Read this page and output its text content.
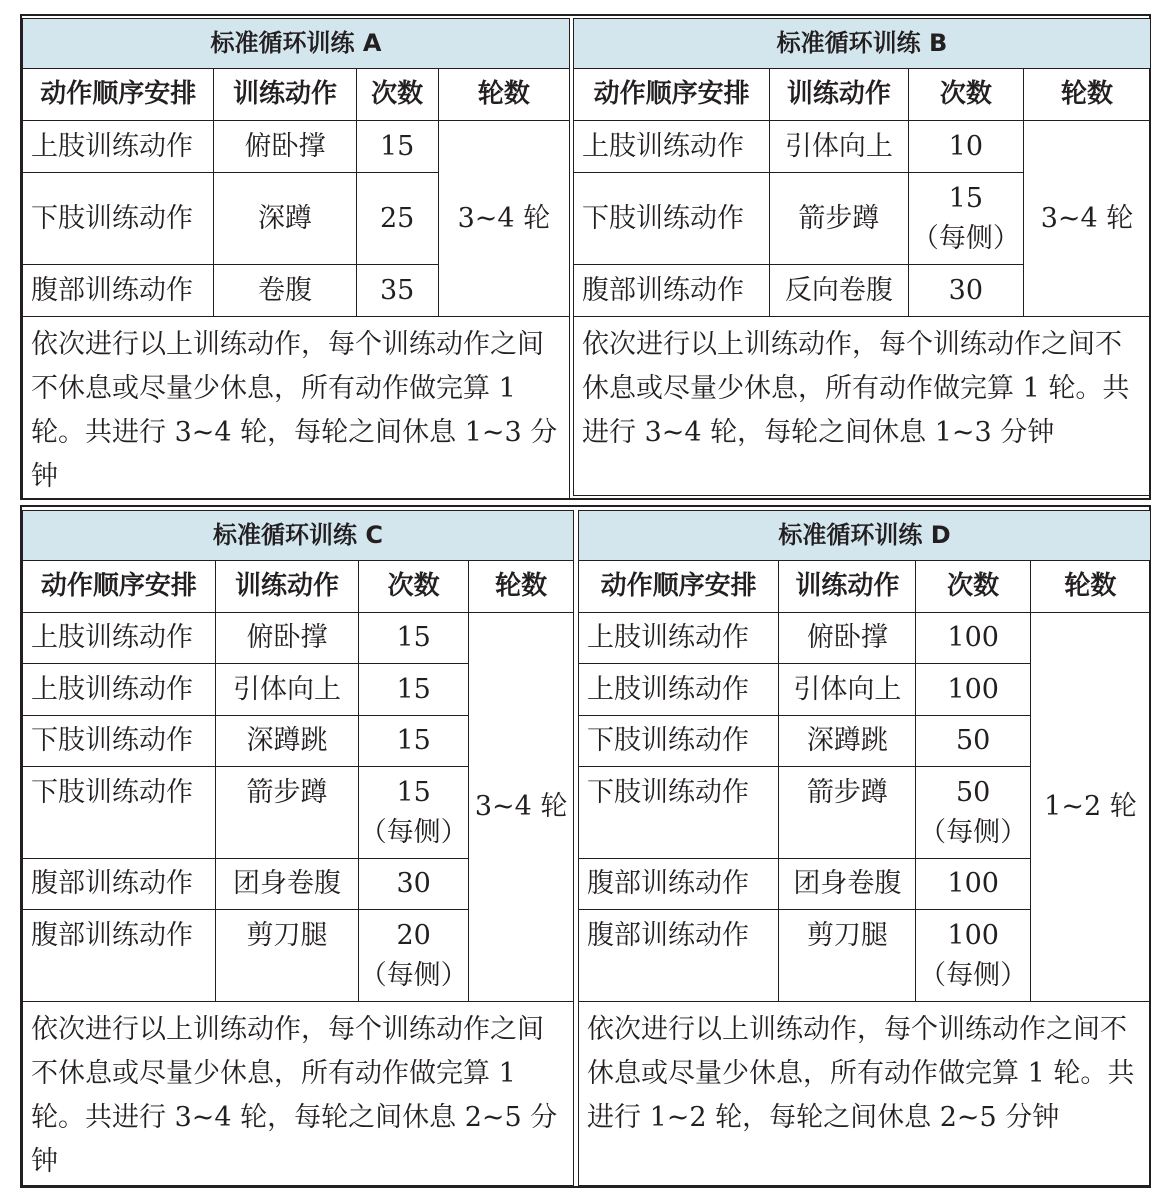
标准循环训练 A			
动作顺序安排	训练动作	次数	轮数
上肢训练动作	俯卧撑	15	3~4 轮
下肢训练动作	深蹲	25	
腹部训练动作	卷腹	35	
依次进行以上训练动作，每个训练动作之间不休息或尽量少休息，所有动作做完算 1 轮。共进行 3~4 轮，每轮之间休息 1~3 分钟			
标准循环训练 B			
动作顺序安排	训练动作	次数	轮数
上肢训练动作	引体向上	10	3~4 轮
下肢训练动作	箭步蹲	15
（每侧）	

腹部训练动作	反向卷腹	30	
依次进行以上训练动作，每个训练动作之间不休息或尽量少休息，所有动作做完算 1 轮。共进行 3~4 轮，每轮之间休息 1~3 分钟			
标准循环训练 C			
动作顺序安排	训练动作	次数	轮数
上肢训练动作	俯卧撑	15	3~4 轮
上肢训练动作	引体向上	15	
下肢训练动作	深蹲跳	15	
下肢训练动作	箭步蹲	15
（每侧）	

腹部训练动作	团身卷腹	30	
腹部训练动作	剪刀腿	20
（每侧）	

依次进行以上训练动作，每个训练动作之间不休息或尽量少休息，所有动作做完算 1 轮。共进行 3~4 轮，每轮之间休息 2~5 分钟			
标准循环训练 D			
动作顺序安排	训练动作	次数	轮数
上肢训练动作	俯卧撑	100	1~2 轮
上肢训练动作	引体向上	100	
下肢训练动作	深蹲跳	50	
下肢训练动作	箭步蹲	50
（每侧）	

腹部训练动作	团身卷腹	100	
腹部训练动作	剪刀腿	100
（每侧）	

依次进行以上训练动作，每个训练动作之间不休息或尽量少休息，所有动作做完算 1 轮。共进行 1~2 轮，每轮之间休息 2~5 分钟			
